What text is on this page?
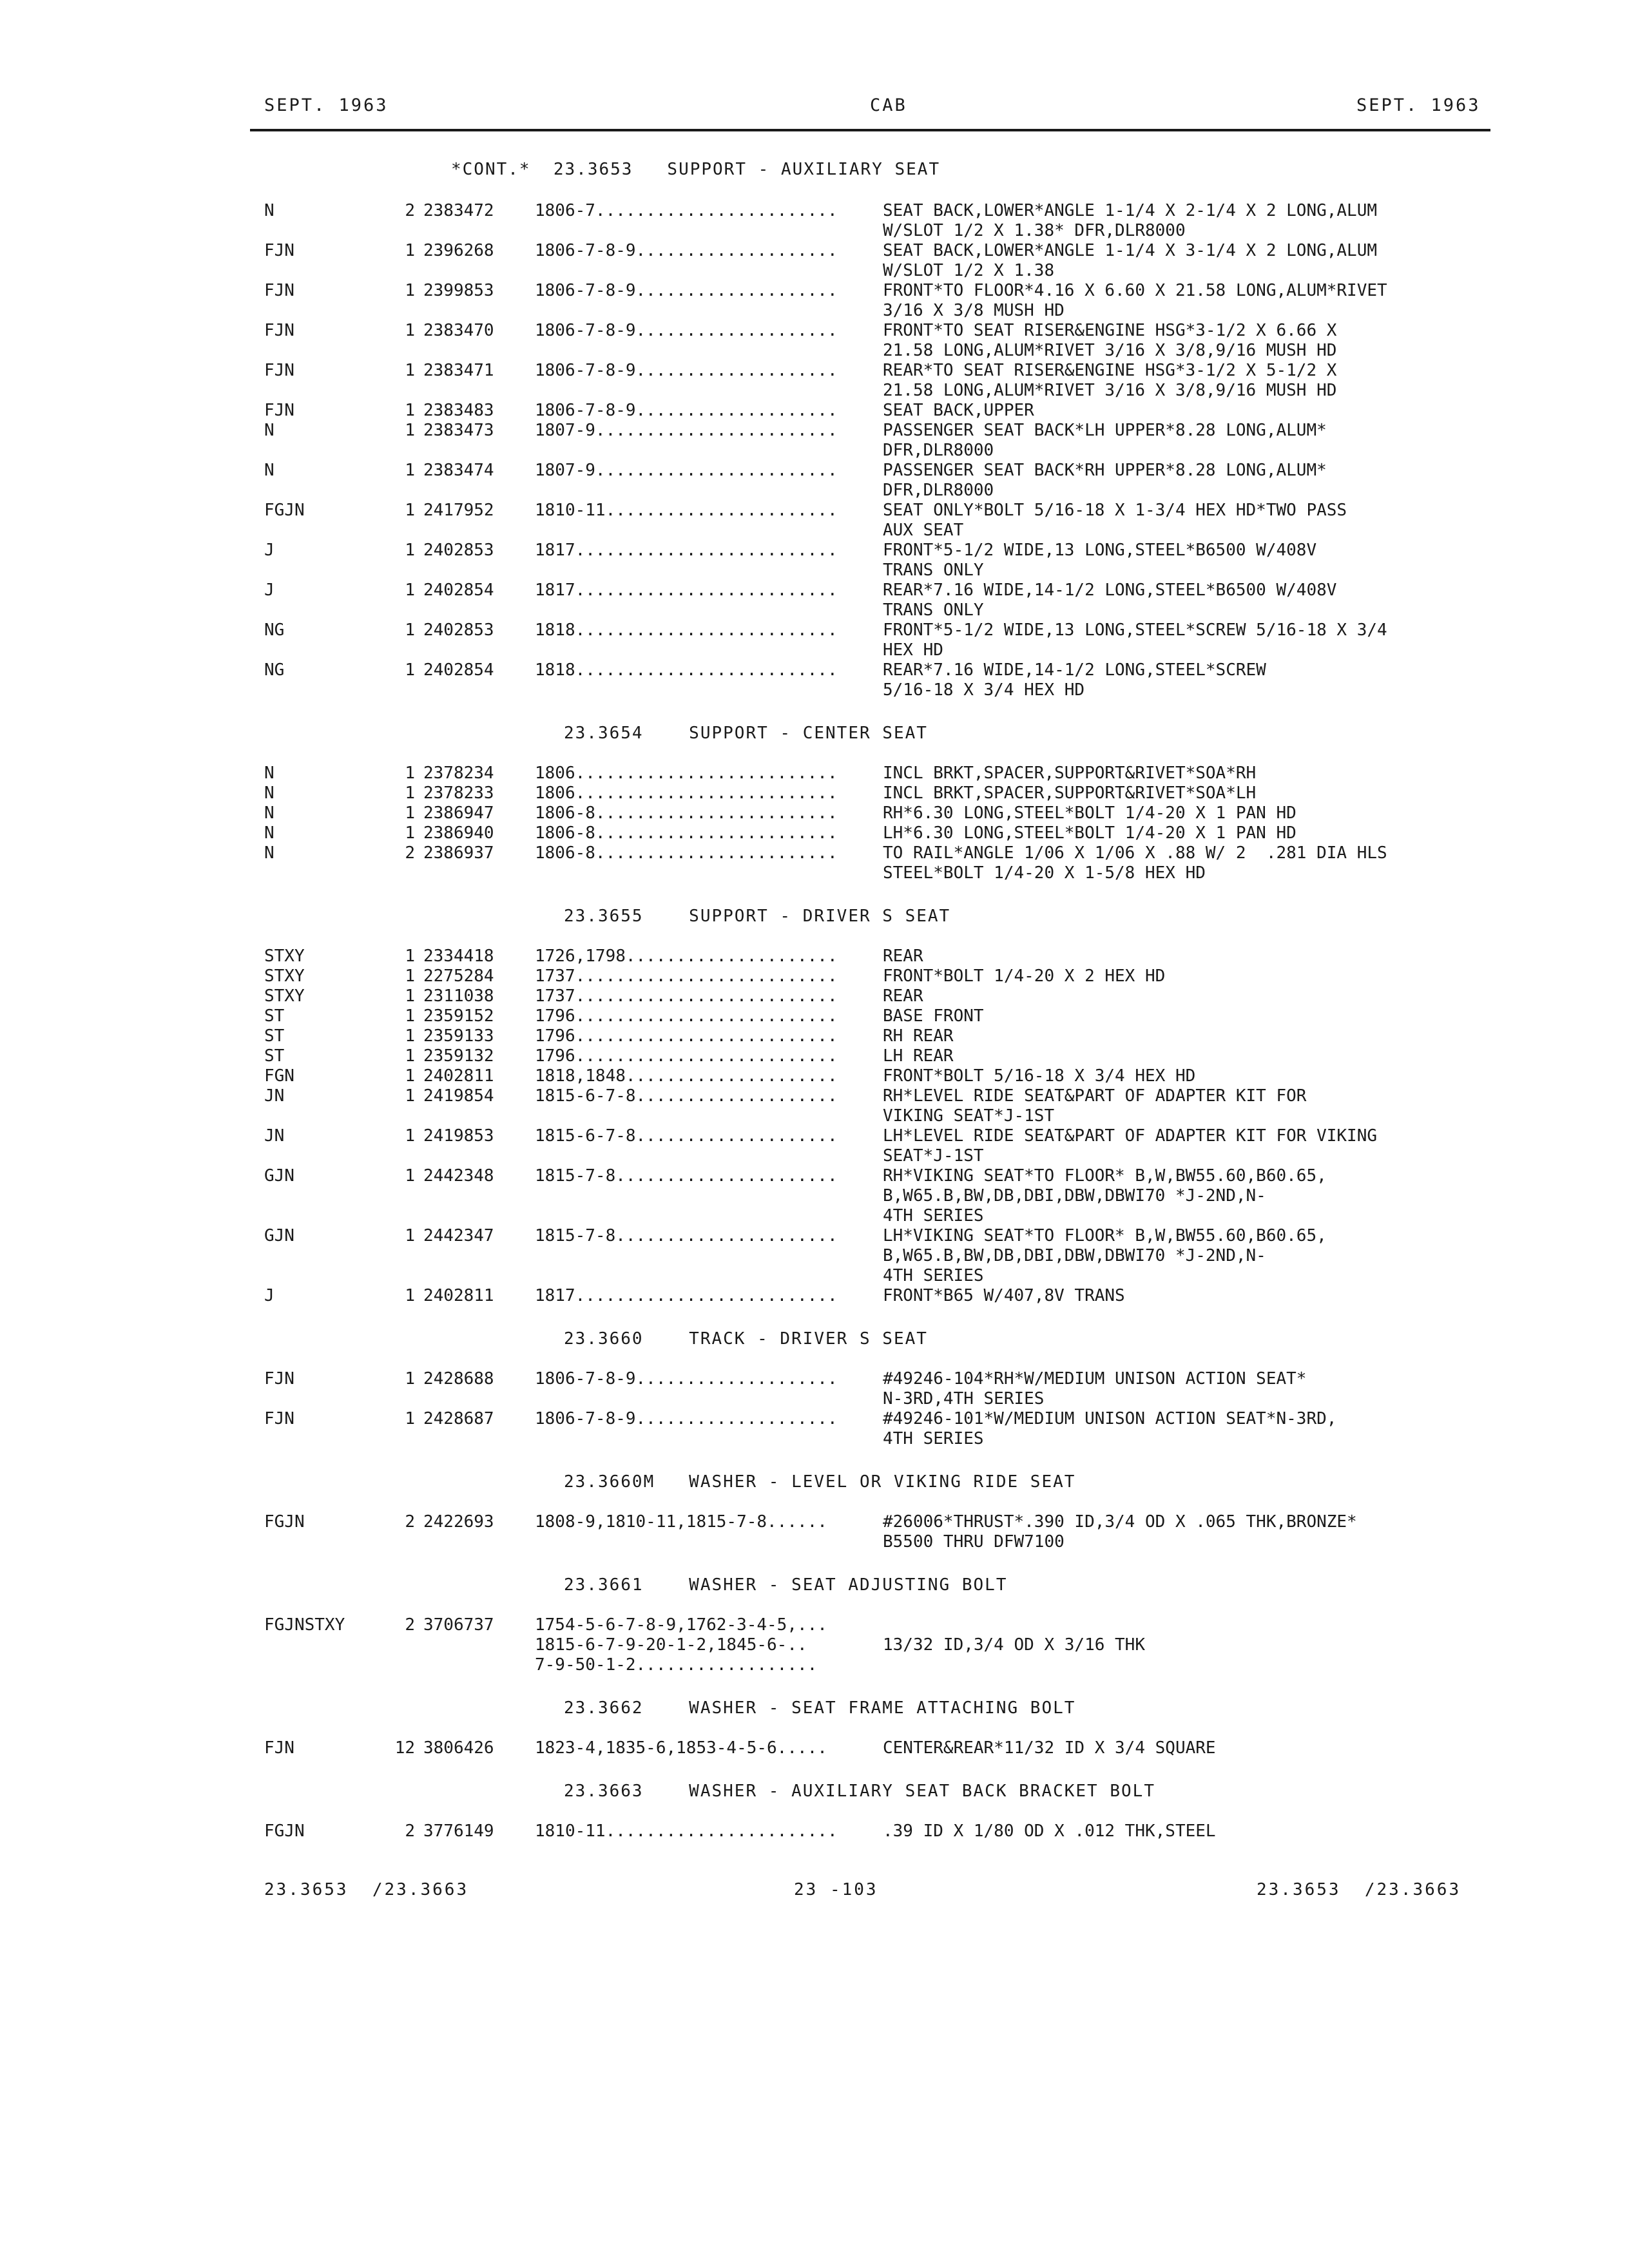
SEPT. 1963	CAB	SEPT. 1963
*CONT.*  23.3653   SUPPORT - AUXILIARY SEAT
N	2 2383472 1806-7........................	SEAT BACK,LOWER*ANGLE 1-1/4 X 2-1/4 X 2 LONG,ALUM
W/SLOT 1/2 X 1.38* DFR,DLR8000
FJN	1 2396268 1806-7-8-9....................	SEAT BACK,LOWER*ANGLE 1-1/4 X 3-1/4 X 2 LONG,ALUM
W/SLOT 1/2 X 1.38
FJN	1 2399853 1806-7-8-9....................	FRONT*TO FLOOR*4.16 X 6.60 X 21.58 LONG,ALUM*RIVET
3/16 X 3/8 MUSH HD
FJN	1 2383470 1806-7-8-9....................	FRONT*TO SEAT RISER&ENGINE HSG*3-1/2 X 6.66 X
21.58 LONG,ALUM*RIVET 3/16 X 3/8,9/16 MUSH HD
FJN	1 2383471 1806-7-8-9....................	REAR*TO SEAT RISER&ENGINE HSG*3-1/2 X 5-1/2 X
21.58 LONG,ALUM*RIVET 3/16 X 3/8,9/16 MUSH HD
FJN	1 2383483 1806-7-8-9....................	SEAT BACK,UPPER
N	1 2383473 1807-9........................	PASSENGER SEAT BACK*LH UPPER*8.28 LONG,ALUM*
DFR,DLR8000
N	1 2383474 1807-9........................	PASSENGER SEAT BACK*RH UPPER*8.28 LONG,ALUM*
DFR,DLR8000
FGJN	1 2417952 1810-11.......................	SEAT ONLY*BOLT 5/16-18 X 1-3/4 HEX HD*TWO PASS
AUX SEAT
J	1 2402853 1817..........................	FRONT*5-1/2 WIDE,13 LONG,STEEL*B6500 W/408V
TRANS ONLY
J	1 2402854 1817..........................	REAR*7.16 WIDE,14-1/2 LONG,STEEL*B6500 W/408V
TRANS ONLY
NG	1 2402853 1818..........................	FRONT*5-1/2 WIDE,13 LONG,STEEL*SCREW 5/16-18 X 3/4
HEX HD
NG	1 2402854 1818..........................	REAR*7.16 WIDE,14-1/2 LONG,STEEL*SCREW
5/16-18 X 3/4 HEX HD
23.3654    SUPPORT - CENTER SEAT
N	1 2378234 1806..........................	INCL BRKT,SPACER,SUPPORT&RIVET*SOA*RH
N	1 2378233 1806..........................	INCL BRKT,SPACER,SUPPORT&RIVET*SOA*LH
N	1 2386947 1806-8........................	RH*6.30 LONG,STEEL*BOLT 1/4-20 X 1 PAN HD
N	1 2386940 1806-8........................	LH*6.30 LONG,STEEL*BOLT 1/4-20 X 1 PAN HD
N	2 2386937 1806-8........................	TO RAIL*ANGLE 1/06 X 1/06 X .88 W/ 2  .281 DIA HLS
STEEL*BOLT 1/4-20 X 1-5/8 HEX HD
23.3655    SUPPORT - DRIVER S SEAT
STXY	1 2334418 1726,1798.....................	REAR
STXY	1 2275284 1737..........................	FRONT*BOLT 1/4-20 X 2 HEX HD
STXY	1 2311038 1737..........................	REAR
ST	1 2359152 1796..........................	BASE FRONT
ST	1 2359133 1796..........................	RH REAR
ST	1 2359132 1796..........................	LH REAR
FGN	1 2402811 1818,1848.....................	FRONT*BOLT 5/16-18 X 3/4 HEX HD
JN	1 2419854 1815-6-7-8....................	RH*LEVEL RIDE SEAT&PART OF ADAPTER KIT FOR
VIKING SEAT*J-1ST
JN	1 2419853 1815-6-7-8....................	LH*LEVEL RIDE SEAT&PART OF ADAPTER KIT FOR VIKING
SEAT*J-1ST
GJN	1 2442348 1815-7-8......................	RH*VIKING SEAT*TO FLOOR* B,W,BW55.60,B60.65,
B,W65.B,BW,DB,DBI,DBW,DBWI70 *J-2ND,N-
4TH SERIES
GJN	1 2442347 1815-7-8......................	LH*VIKING SEAT*TO FLOOR* B,W,BW55.60,B60.65,
B,W65.B,BW,DB,DBI,DBW,DBWI70 *J-2ND,N-
4TH SERIES
J	1 2402811 1817..........................	FRONT*B65 W/407,8V TRANS
23.3660    TRACK - DRIVER S SEAT
FJN	1 2428688 1806-7-8-9....................	#49246-104*RH*W/MEDIUM UNISON ACTION SEAT*
N-3RD,4TH SERIES
FJN	1 2428687 1806-7-8-9....................	#49246-101*W/MEDIUM UNISON ACTION SEAT*N-3RD,
4TH SERIES
23.3660M   WASHER - LEVEL OR VIKING RIDE SEAT
FGJN	2 2422693 1808-9,1810-11,1815-7-8......	#26006*THRUST*.390 ID,3/4 OD X .065 THK,BRONZE*
B5500 THRU DFW7100
23.3661    WASHER - SEAT ADJUSTING BOLT
FGJNSTXY	2 3706737 1754-5-6-7-8-9,1762-3-4-5,...
1815-6-7-9-20-1-2,1845-6-..	13/32 ID,3/4 OD X 3/16 THK
7-9-50-1-2..................
23.3662    WASHER - SEAT FRAME ATTACHING BOLT
FJN	12 3806426 1823-4,1835-6,1853-4-5-6.....	CENTER&REAR*11/32 ID X 3/4 SQUARE
23.3663    WASHER - AUXILIARY SEAT BACK BRACKET BOLT
FGJN	2 3776149 1810-11.......................	.39 ID X 1/80 OD X .012 THK,STEEL
23.3653  /23.3663	23 -103	23.3653  /23.3663
